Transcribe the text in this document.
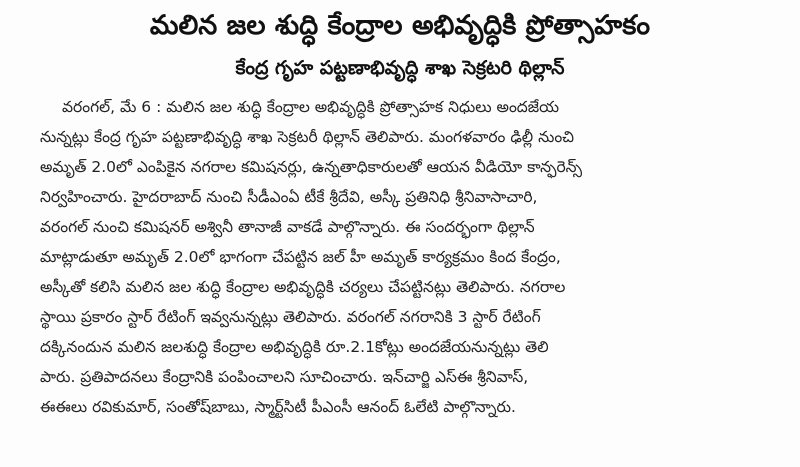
మలిన జల శుద్ధి కేంద్రాల అభివృద్ధికి ప్రోత్సాహకం
కేంద్ర గృహ పట్టణాభివృద్ధి శాఖ సెక్రటరి థిల్లాన్
వరంగల్, మే 6 : మలిన జల శుద్ధి కేంద్రాల అభివృద్ధికి ప్రోత్సాహక నిధులు అందజేయ
నున్నట్లు కేంద్ర గృహ పట్టణాభివృద్ధి శాఖ సెక్రటరీ థిల్లాన్ తెలిపారు. మంగళవారం ఢిల్లీ నుంచి
అమృత్ 2.0లో ఎంపికైన నగరాల కమిషనర్లు, ఉన్నతాధికారులతో ఆయన వీడియో కాన్ఫరెన్స్
నిర్వహించారు. హైదరాబాద్ నుంచి సీడీఎంఏ టీకే శ్రీదేవి, అస్కీ ప్రతినిధి శ్రీనివాసాచారి,
వరంగల్ నుంచి కమిషనర్ అశ్వినీ తానాజీ వాకడే పాల్గొన్నారు. ఈ సందర్భంగా థిల్లాన్
మాట్లాడుతూ అమృత్ 2.0లో భాగంగా చేపట్టిన జల్ హీ అమృత్ కార్యక్రమం కింద కేంద్రం,
అస్కీతో కలిసి మలిన జల శుద్ధి కేంద్రాల అభివృద్ధికి చర్యలు చేపట్టినట్లు తెలిపారు. నగరాల
స్థాయి ప్రకారం స్టార్ రేటింగ్ ఇవ్వనున్నట్లు తెలిపారు. వరంగల్ నగరానికి 3 స్టార్ రేటింగ్
దక్కినందున మలిన జలశుద్ధి కేంద్రాల అభివృద్ధికి రూ.2.1కోట్లు అందజేయనున్నట్లు తెలి
పారు. ప్రతిపాదనలు కేంద్రానికి పంపించాలని సూచించారు. ఇన్‌చార్జి ఎస్ఈ శ్రీనివాస్,
ఈఈలు రవికుమార్, సంతోష్‌బాబు, స్మార్ట్‌సిటీ పీఎంసీ ఆనంద్ ఓలేటి పాల్గొన్నారు.
